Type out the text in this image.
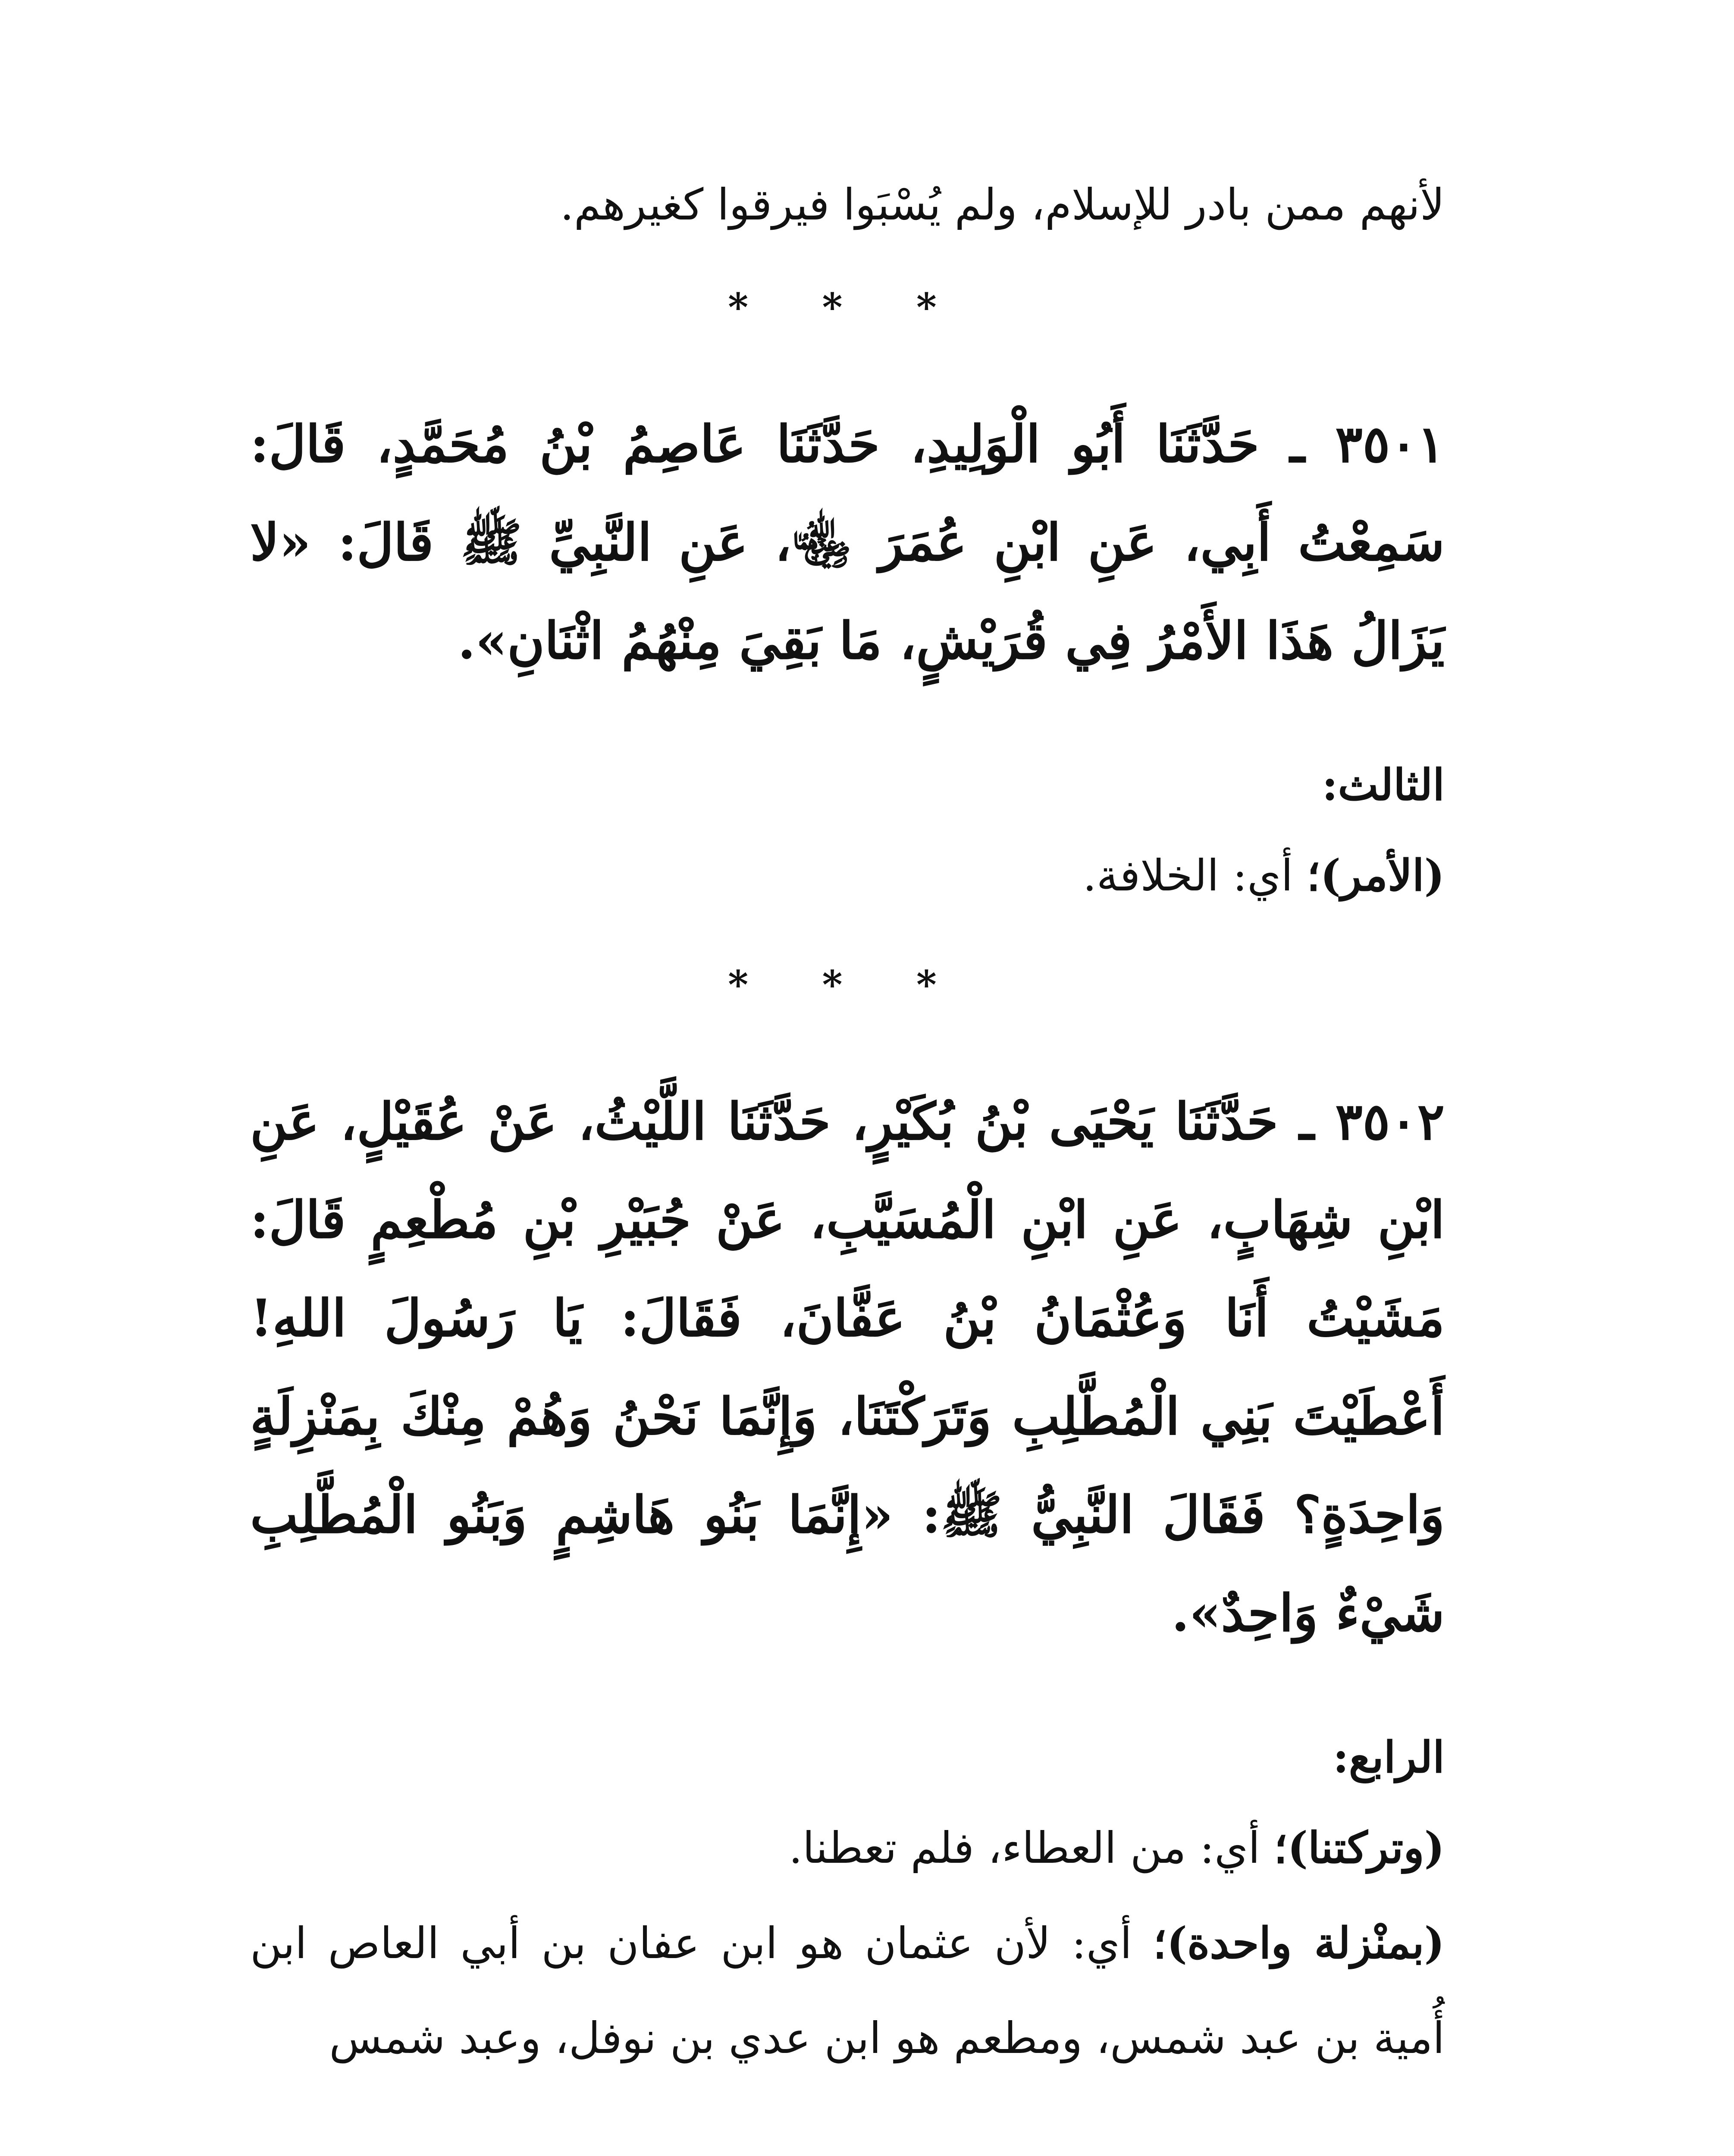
لأنهم ممن بادر للإسلام، ولم يُسْبَوا فيرقوا كغيرهم.
* * *

٣٥٠١ ـ حَدَّثَنَا أَبُو الْوَلِيدِ، حَدَّثَنَا عَاصِمُ بْنُ مُحَمَّدٍ، قَالَ: سَمِعْتُ أَبِي، عَنِ ابْنِ عُمَرَ ﵄، عَنِ النَّبِيِّ ﷺ قَالَ: «لا يَزَالُ هَذَا الأَمْرُ فِي قُرَيْشٍ، مَا بَقِيَ مِنْهُمُ اثْنَانِ».

الثالث:
(الأمر)؛ أي: الخلافة.
* * *

٣٥٠٢ ـ حَدَّثَنَا يَحْيَى بْنُ بُكَيْرٍ، حَدَّثَنَا اللَّيْثُ، عَنْ عُقَيْلٍ، عَنِ ابْنِ شِهَابٍ، عَنِ ابْنِ الْمُسَيَّبِ، عَنْ جُبَيْرِ بْنِ مُطْعِمٍ قَالَ: مَشَيْتُ أَنَا وَعُثْمَانُ بْنُ عَفَّانَ، فَقَالَ: يَا رَسُولَ اللهِ! أَعْطَيْتَ بَنِي الْمُطَّلِبِ وَتَرَكْتَنَا، وَإِنَّمَا نَحْنُ وَهُمْ مِنْكَ بِمَنْزِلَةٍ وَاحِدَةٍ؟ فَقَالَ النَّبِيُّ ﷺ: «إِنَّمَا بَنُو هَاشِمٍ وَبَنُو الْمُطَّلِبِ شَيْءٌ وَاحِدٌ».

الرابع:
(وتركتنا)؛ أي: من العطاء، فلم تعطنا.
(بمنْزلة واحدة)؛ أي: لأن عثمان هو ابن عفان بن أبي العاص ابن أُمية بن عبد شمس، ومطعم هو ابن عدي بن نوفل، وعبد شمس
